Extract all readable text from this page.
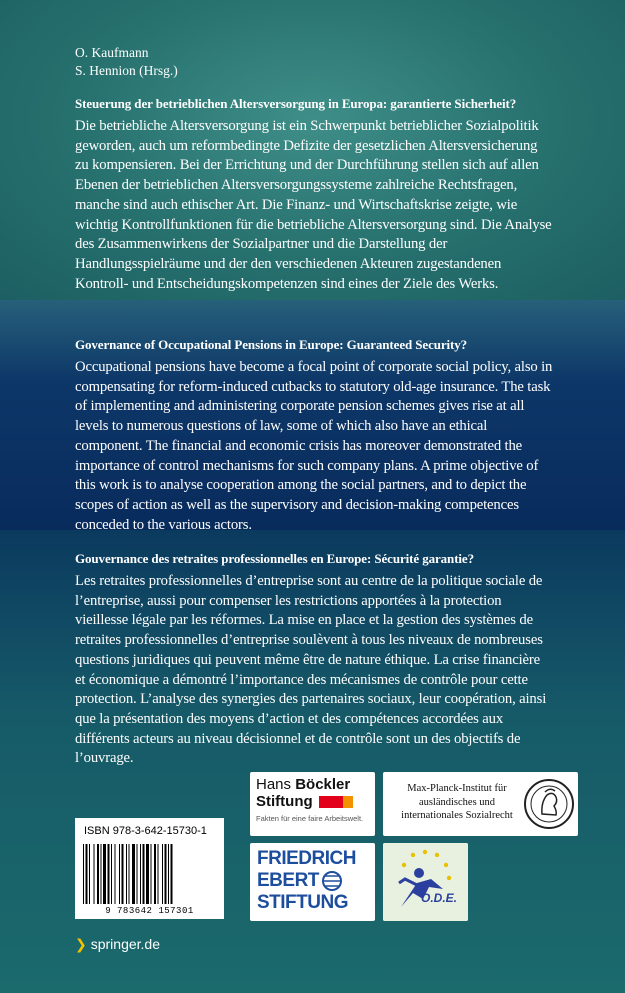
O. Kaufmann
S. Hennion (Hrsg.)
Steuerung der betrieblichen Altersversorgung in Europa: garantierte Sicherheit?
Die betriebliche Altersversorgung ist ein Schwerpunkt betrieblicher Sozialpolitik geworden, auch um reformbedingte Defizite der gesetzlichen Altersversicherung zu kompensieren. Bei der Errichtung und der Durchführung stellen sich auf allen Ebenen der betrieblichen Altersversorgungssysteme zahlreiche Rechtsfragen, manche sind auch ethischer Art. Die Finanz- und Wirtschaftskrise zeigte, wie wichtig Kontrollfunktionen für die betriebliche Altersversorgung sind. Die Analyse des Zusammenwirkens der Sozialpartner und die Darstellung der Handlungsspielräume und der den verschiedenen Akteuren zugestandenen Kontroll- und Entscheidungskompetenzen sind eines der Ziele des Werks.
Governance of Occupational Pensions in Europe: Guaranteed Security?
Occupational pensions have become a focal point of corporate social policy, also in compensating for reform-induced cutbacks to statutory old-age insurance. The task of implementing and administering corporate pension schemes gives rise at all levels to numerous questions of law, some of which also have an ethical component. The financial and economic crisis has moreover demonstrated the importance of control mechanisms for such company plans. A prime objective of this work is to analyse cooperation among the social partners, and to depict the scopes of action as well as the supervisory and decision-making competences conceded to the various actors.
Gouvernance des retraites professionnelles en Europe: Sécurité garantie?
Les retraites professionnelles d’entreprise sont au centre de la politique sociale de l’entreprise, aussi pour compenser les restrictions apportées à la protection vieillesse légale par les réformes. La mise en place et la gestion des systèmes de retraites professionnelles d’entreprise soulèvent à tous les niveaux de nombreuses questions juridiques qui peuvent même être de nature éthique. La crise financière et économique a démontré l’importance des mécanismes de contrôle pour cette protection. L’analyse des synergies des partenaires sociaux, leur coopération, ainsi que la présentation des moyens d’action et des compétences accordées aux différents acteurs au niveau décisionnel et de contrôle sont un des objectifs de l’ouvrage.
Hans Böckler
Stiftung
Fakten für eine faire Arbeitswelt.
Max-Planck-Institut für ausländisches und internationales Sozialrecht
FRIEDRICH
EBERT
STIFTUNG	O.D.E.
ISBN 978-3-642-15730-1
9 783642 157301
❯ springer.de
